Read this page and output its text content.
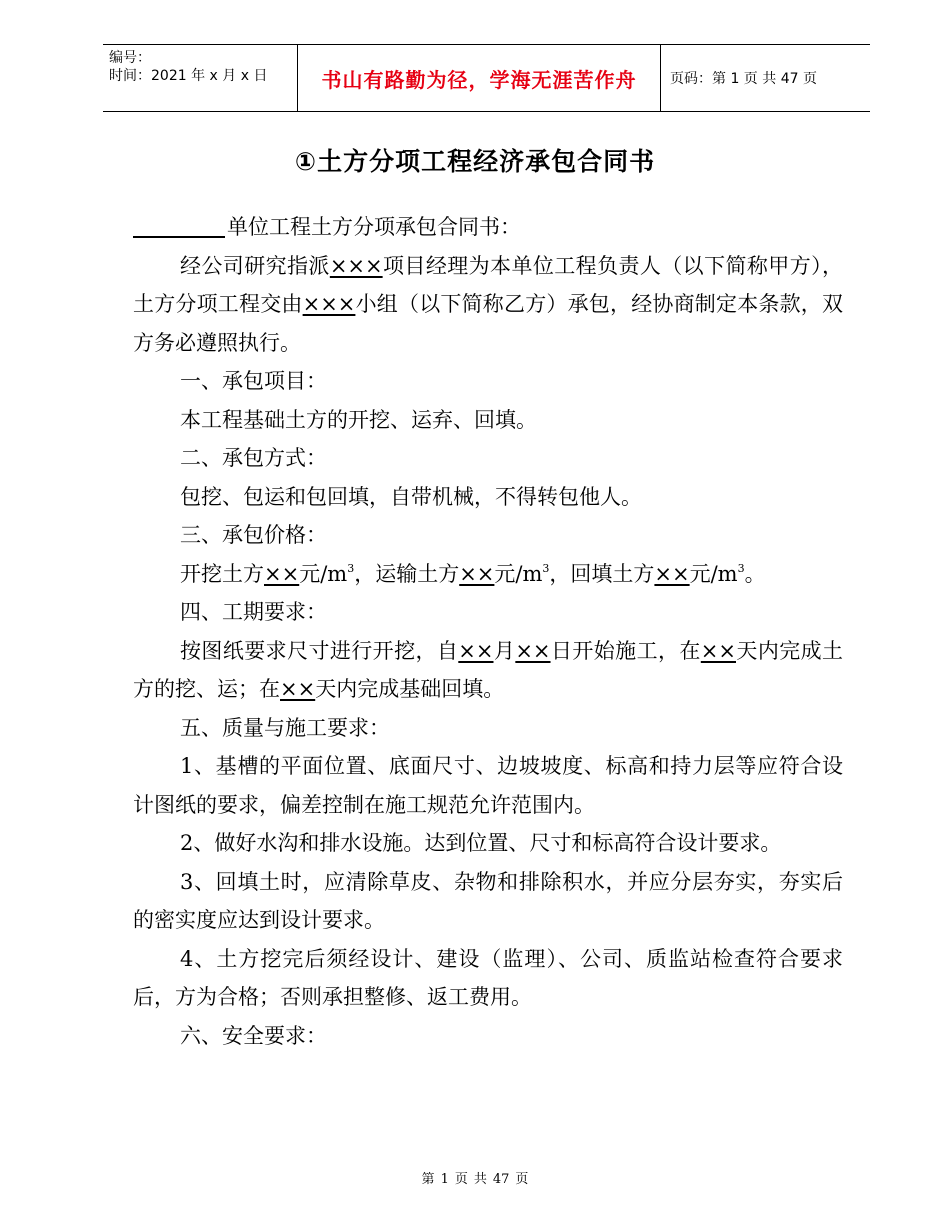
编号：
时间：2021 年 x 月 x 日	书山有路勤为径，学海无涯苦作舟	页码：第 1 页 共 47 页
①土方分项工程经济承包合同书

单位工程土方分项承包合同书：

经公司研究指派×××项目经理为本单位工程负责人（以下简称甲方），土方分项工程交由×××小组（以下简称乙方）承包，经协商制定本条款，双方务必遵照执行。

一、承包项目：

本工程基础土方的开挖、运弃、回填。

二、承包方式：

包挖、包运和包回填，自带机械，不得转包他人。

三、承包价格：

开挖土方××元$/m^3$，运输土方××元$/m^3$，回填土方××元$/m^3$。

四、工期要求：

按图纸要求尺寸进行开挖，自××月××日开始施工，在××天内完成土方的挖、运；在××天内完成基础回填。

五、质量与施工要求：

1、基槽的平面位置、底面尺寸、边坡坡度、标高和持力层等应符合设计图纸的要求，偏差控制在施工规范允许范围内。

2、做好水沟和排水设施。达到位置、尺寸和标高符合设计要求。

3、回填土时，应清除草皮、杂物和排除积水，并应分层夯实，夯实后的密实度应达到设计要求。

4、土方挖完后须经设计、建设（监理）、公司、质监站检查符合要求后，方为合格；否则承担整修、返工费用。

六、安全要求：

第 1 页 共 47 页
